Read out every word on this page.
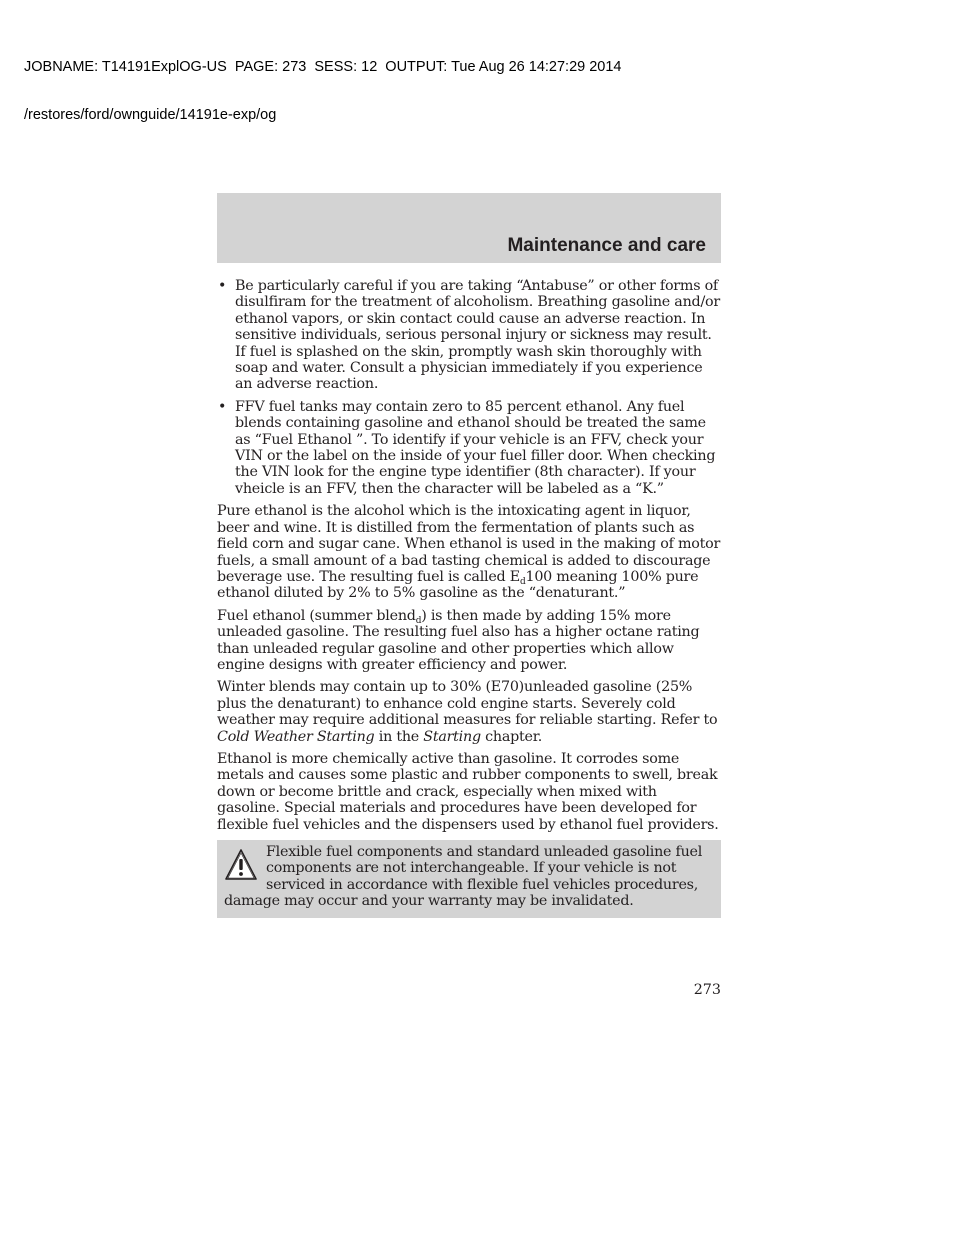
JOBNAME: T14191ExplOG-US  PAGE: 273  SESS: 12  OUTPUT: Tue Aug 26 14:27:29 2014

/restores/ford/ownguide/14191e-exp/og

Maintenance and care
• Be particularly careful if you are taking “Antabuse” or other forms of disulfiram for the treatment of alcoholism. Breathing gasoline and/or ethanol vapors, or skin contact could cause an adverse reaction. In sensitive individuals, serious personal injury or sickness may result. If fuel is splashed on the skin, promptly wash skin thoroughly with soap and water. Consult a physician immediately if you experience an adverse reaction.
• FFV fuel tanks may contain zero to 85 percent ethanol. Any fuel blends containing gasoline and ethanol should be treated the same as “Fuel Ethanol ”. To identify if your vehicle is an FFV, check your VIN or the label on the inside of your fuel filler door. When checking the VIN look for the engine type identifier (8th character). If your vheicle is an FFV, then the character will be labeled as a “K.”

Pure ethanol is the alcohol which is the intoxicating agent in liquor, beer and wine. It is distilled from the fermentation of plants such as field corn and sugar cane. When ethanol is used in the making of motor fuels, a small amount of a bad tasting chemical is added to discourage beverage use. The resulting fuel is called $E_d100$ meaning 100% pure ethanol diluted by 2% to 5% gasoline as the “denaturant.”

Fuel ethanol (summer blend$_d$) is then made by adding 15% more unleaded gasoline. The resulting fuel also has a higher octane rating than unleaded regular gasoline and other properties which allow engine designs with greater efficiency and power.

Winter blends may contain up to 30% (E70)unleaded gasoline (25% plus the denaturant) to enhance cold engine starts. Severely cold weather may require additional measures for reliable starting. Refer to Cold Weather Starting in the Starting chapter.

Ethanol is more chemically active than gasoline. It corrodes some metals and causes some plastic and rubber components to swell, break down or become brittle and crack, especially when mixed with gasoline. Special materials and procedures have been developed for flexible fuel vehicles and the dispensers used by ethanol fuel providers.

Flexible fuel components and standard unleaded gasoline fuel components are not interchangeable. If your vehicle is not serviced in accordance with flexible fuel vehicles procedures, damage may occur and your warranty may be invalidated.
273
